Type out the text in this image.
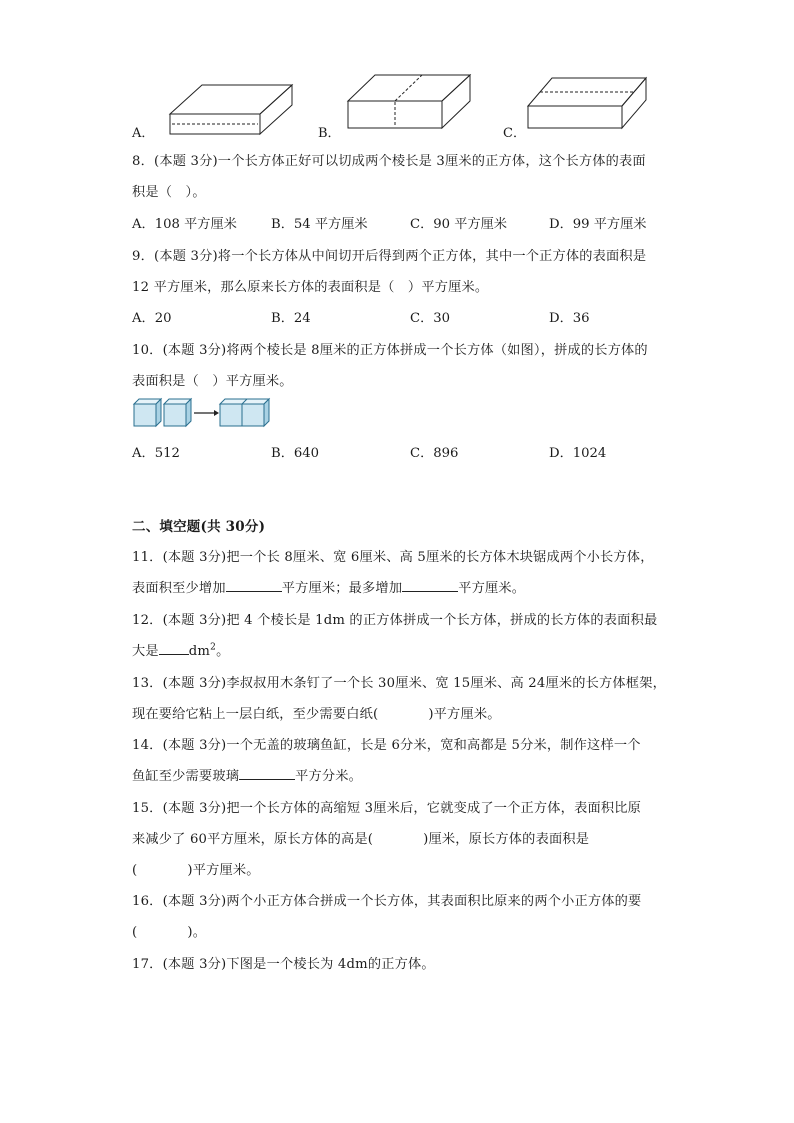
A．	B．	C．
8．(本题 3分)一个长方体正好可以切成两个棱长是 3厘米的正方体，这个长方体的表面
积是（　）。
A．108 平方厘米	B．54 平方厘米	C．90 平方厘米	D．99 平方厘米
9．(本题 3分)将一个长方体从中间切开后得到两个正方体，其中一个正方体的表面积是
12 平方厘米，那么原来长方体的表面积是（　）平方厘米。
A．20	B．24	C．30	D．36
10．(本题 3分)将两个棱长是 8厘米的正方体拼成一个长方体（如图），拼成的长方体的
表面积是（　）平方厘米。
A．512	B．640	C．896	D．1024
二、填空题(共 30分)
11．(本题 3分)把一个长 8厘米、宽 6厘米、高 5厘米的长方体木块锯成两个小长方体，
表面积至少增加	平方厘米；最多增加	平方厘米。
12．(本题 3分)把 4 个棱长是 1dm 的正方体拼成一个长方体，拼成的长方体的表面积最
大是 $dm^2$。
13．(本题 3分)李叔叔用木条钉了一个长 30厘米、宽 15厘米、高 24厘米的长方体框架，
现在要给它粘上一层白纸，至少需要白纸(	)平方厘米。
14．(本题 3分)一个无盖的玻璃鱼缸，长是 6分米，宽和高都是 5分米，制作这样一个
鱼缸至少需要玻璃	平方分米。
15．(本题 3分)把一个长方体的高缩短 3厘米后，它就变成了一个正方体，表面积比原
来减少了 60平方厘米，原长方体的高是(	)厘米，原长方体的表面积是
(	)平方厘米。
16．(本题 3分)两个小正方体合拼成一个长方体，其表面积比原来的两个小正方体的要
(	)。
17．(本题 3分)下图是一个棱长为 4dm的正方体。
